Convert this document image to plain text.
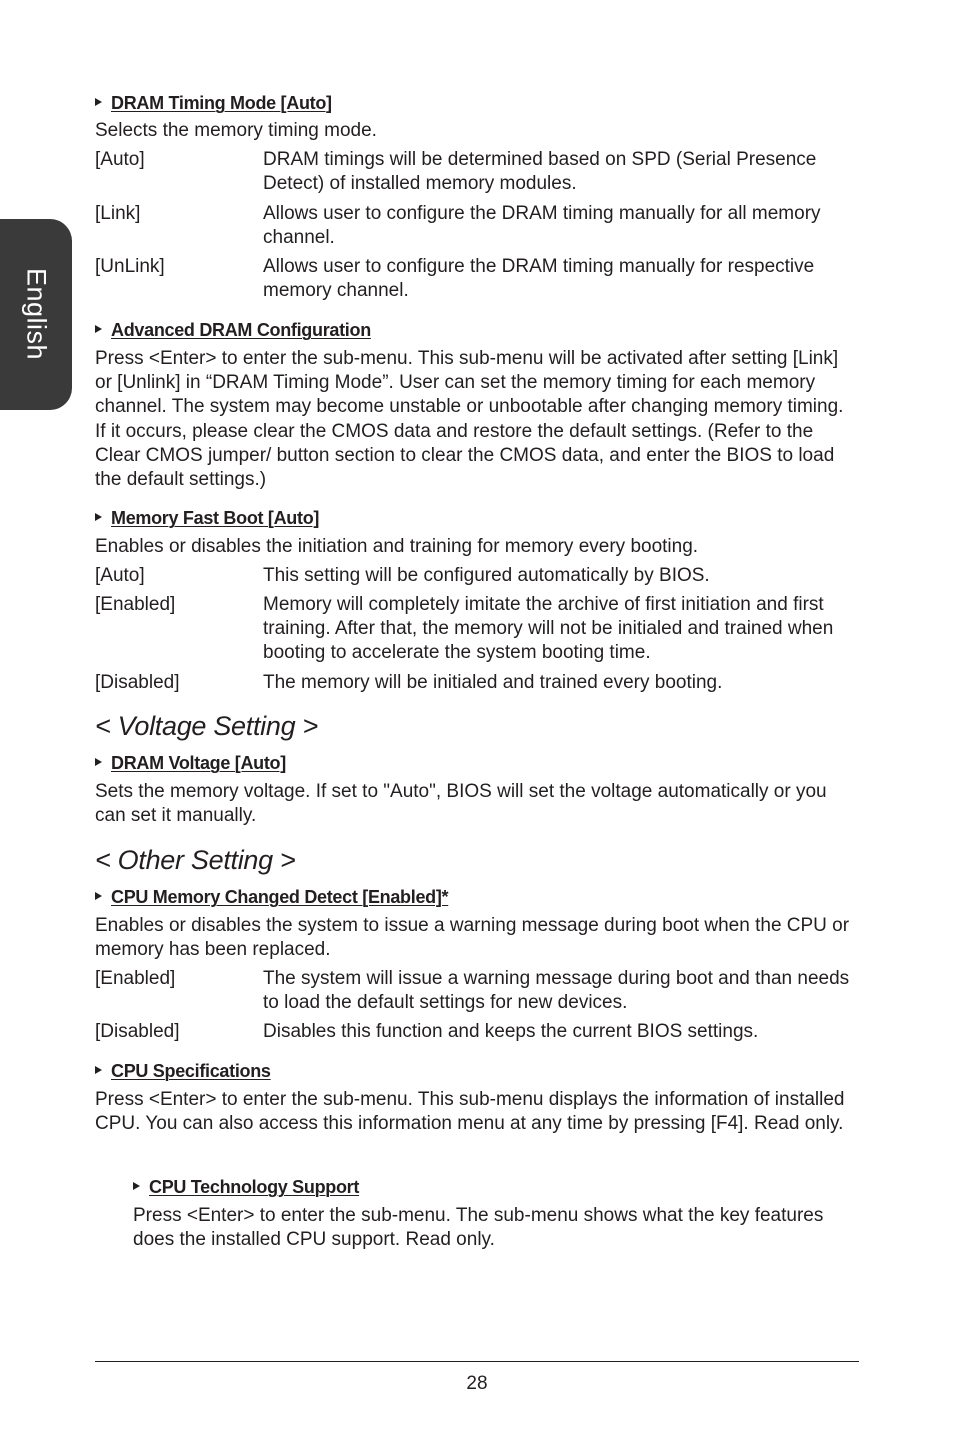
English
DRAM Timing Mode [Auto]
Selects the memory timing mode.
[Auto]	DRAM timings will be determined based on SPD (Serial Presence Detect) of installed memory modules.
[Link]	Allows user to configure the DRAM timing manually for all memory channel.
[UnLink]	Allows user to configure the DRAM timing manually for respective memory channel.
Advanced DRAM Configuration
Press <Enter> to enter the sub-menu. This sub-menu will be activated after setting [Link] or [Unlink] in “DRAM Timing Mode”. User can set the memory timing for each memory channel. The system may become unstable or unbootable after changing memory timing. If it occurs, please clear the CMOS data and restore the default settings. (Refer to the Clear CMOS jumper/ button section to clear the CMOS data, and enter the BIOS to load the default settings.)
Memory Fast Boot [Auto]
Enables or disables the initiation and training for memory every booting.
[Auto]	This setting will be configured automatically by BIOS.
[Enabled]	Memory will completely imitate the archive of first initiation and first training. After that, the memory will not be initialed and trained when booting to accelerate the system booting time.
[Disabled]	The memory will be initialed and trained every booting.
< Voltage Setting >
DRAM Voltage [Auto]
Sets the memory voltage. If set to "Auto", BIOS will set the voltage automatically or you can set it manually.
< Other Setting >
CPU Memory Changed Detect [Enabled]*
Enables or disables the system to issue a warning message during boot when the CPU or memory has been replaced.
[Enabled]	The system will issue a warning message during boot and than needs to load the default settings for new devices.
[Disabled]	Disables this function and keeps the current BIOS settings.
CPU Specifications
Press <Enter> to enter the sub-menu. This sub-menu displays the information of installed CPU. You can also access this information menu at any time by pressing [F4]. Read only.
CPU Technology Support
Press <Enter> to enter the sub-menu. The sub-menu shows what the key features does the installed CPU support. Read only.
28
